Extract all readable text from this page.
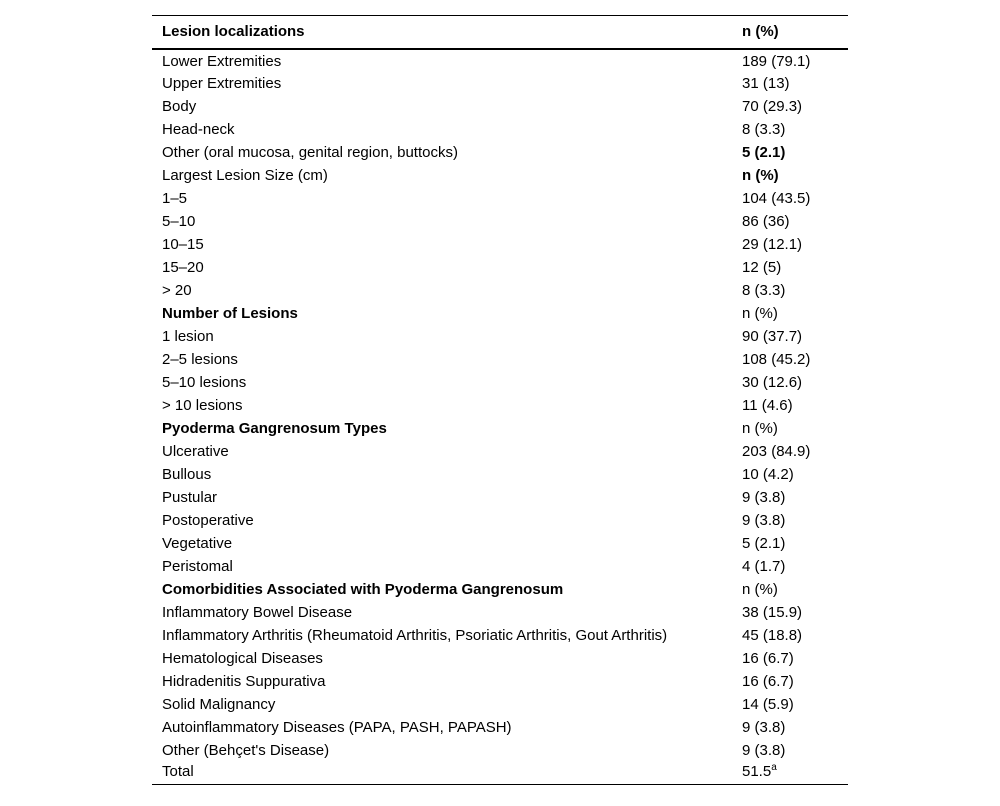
Lesion localizations	n (%)
Lower Extremities	189 (79.1)
Upper Extremities	31 (13)
Body	70 (29.3)
Head-neck	8 (3.3)
Other (oral mucosa, genital region, buttocks)	5 (2.1)
Largest Lesion Size (cm)	n (%)
1‒5	104 (43.5)
5‒10	86 (36)
10‒15	29 (12.1)
15‒20	12 (5)
> 20	8 (3.3)
Number of Lesions	n (%)
1 lesion	90 (37.7)
2‒5 lesions	108 (45.2)
5‒10 lesions	30 (12.6)
> 10 lesions	11 (4.6)
Pyoderma Gangrenosum Types	n (%)
Ulcerative	203 (84.9)
Bullous	10 (4.2)
Pustular	9 (3.8)
Postoperative	9 (3.8)
Vegetative	5 (2.1)
Peristomal	4 (1.7)
Comorbidities Associated with Pyoderma Gangrenosum	n (%)
Inflammatory Bowel Disease	38 (15.9)
Inflammatory Arthritis (Rheumatoid Arthritis, Psoriatic Arthritis, Gout Arthritis)	45 (18.8)
Hematological Diseases	16 (6.7)
Hidradenitis Suppurativa	16 (6.7)
Solid Malignancy	14 (5.9)
Autoinflammatory Diseases (PAPA, PASH, PAPASH)	9 (3.8)
Other (Behçet's Disease)	9 (3.8)
Total	51.5$^a$
